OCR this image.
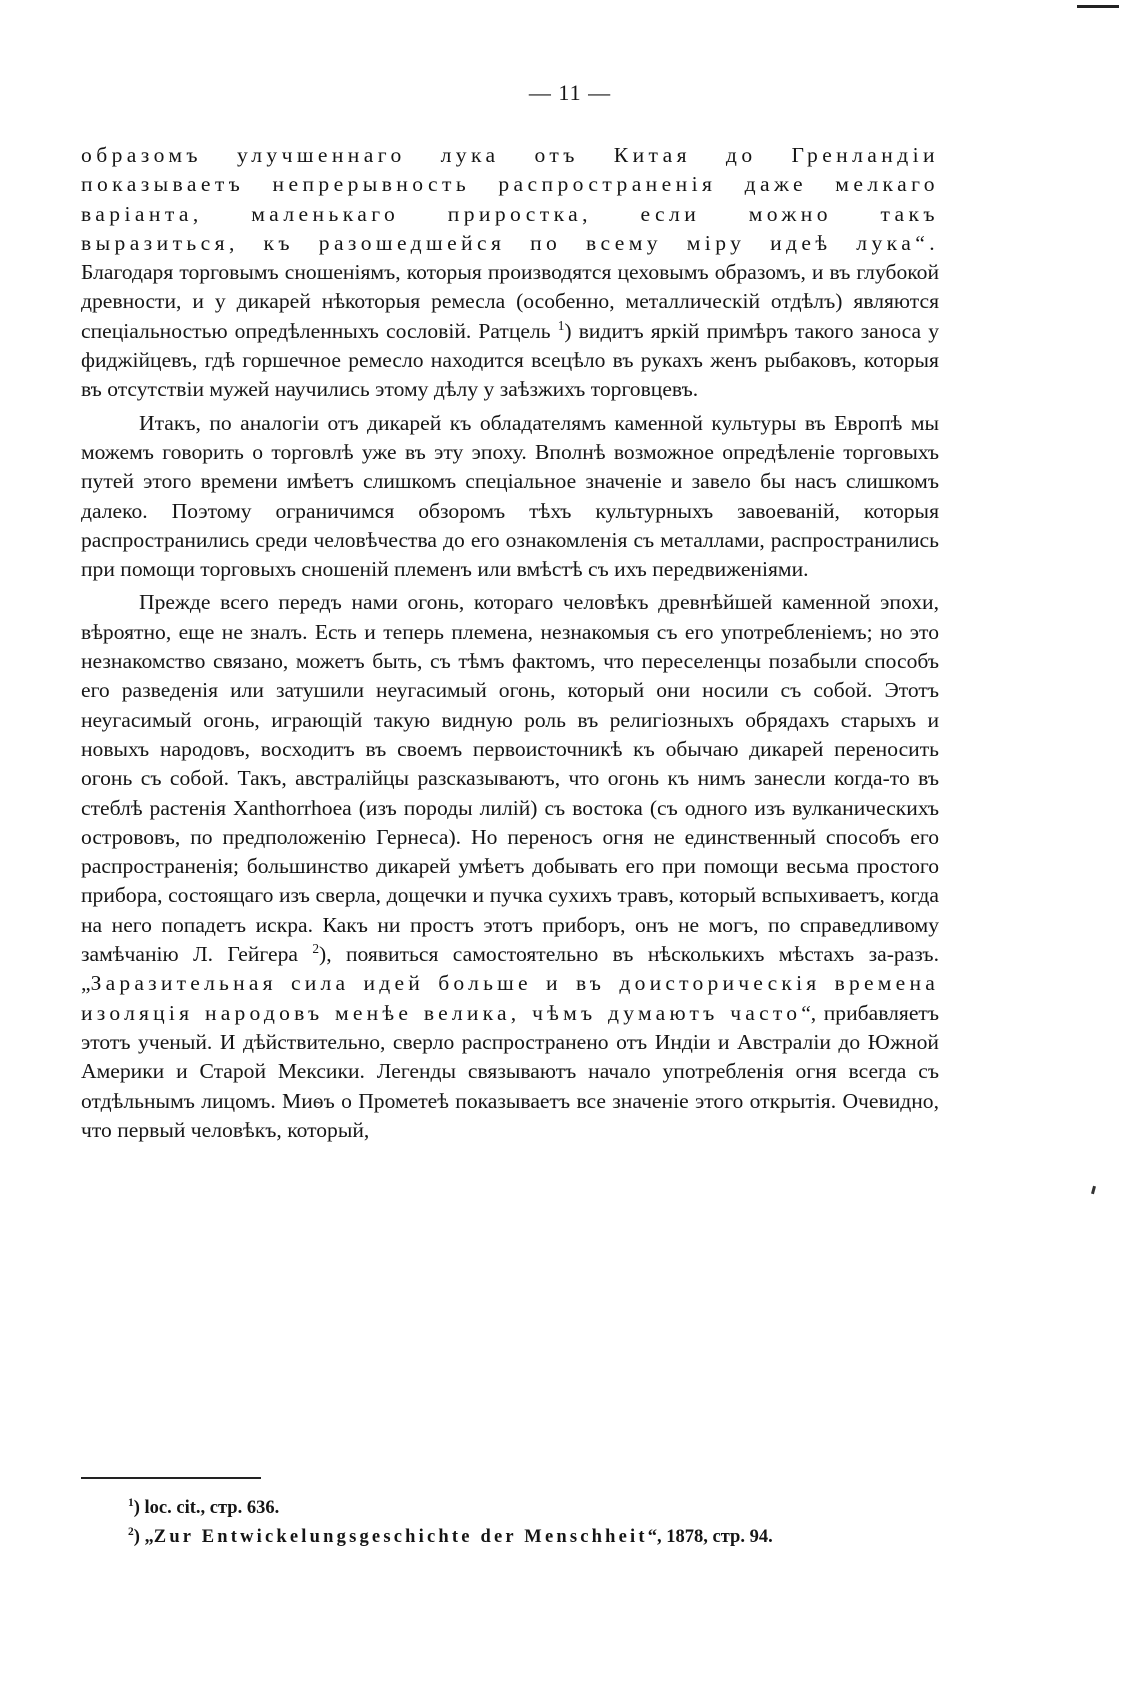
— 11 —

образомъ улучшеннаго лука отъ Китая до Гренландіи показываетъ непрерывность распространенія даже мелкаго варіанта, маленькаго приростка, если можно такъ выразиться, къ разошедшейся по всему міру идеѣ лука“. Благодаря торговымъ сношеніямъ, которыя производятся цеховымъ образомъ, и въ глубокой древности, и у дикарей нѣкоторыя ремесла (особенно, металлическій отдѣлъ) являются спеціальностью опредѣленныхъ сословій. Ратцель $^1$) видитъ яркій примѣръ такого заноса у фиджійцевъ, гдѣ горшечное ремесло находится всецѣло въ рукахъ женъ рыбаковъ, которыя въ отсутствіи мужей научились этому дѣлу у заѣзжихъ торговцевъ.

Итакъ, по аналогіи отъ дикарей къ обладателямъ каменной культуры въ Европѣ мы можемъ говорить о торговлѣ уже въ эту эпоху. Вполнѣ возможное опредѣленіе торговыхъ путей этого времени имѣетъ слишкомъ спеціальное значеніе и завело бы насъ слишкомъ далеко. Поэтому ограничимся обзоромъ тѣхъ культурныхъ завоеваній, которыя распространились среди человѣчества до его ознакомленія съ металлами, распространились при помощи торговыхъ сношеній племенъ или вмѣстѣ съ ихъ передвиженіями.

Прежде всего передъ нами огонь, котораго человѣкъ древнѣйшей каменной эпохи, вѣроятно, еще не зналъ. Есть и теперь племена, незнакомыя съ его употребленіемъ; но это незнакомство связано, можетъ быть, съ тѣмъ фактомъ, что переселенцы позабыли способъ его разведенія или затушили неугасимый огонь, который они носили съ собой. Этотъ неугасимый огонь, играющій такую видную роль въ религіозныхъ обрядахъ старыхъ и новыхъ народовъ, восходитъ въ своемъ первоисточникѣ къ обычаю дикарей переносить огонь съ собой. Такъ, австралійцы разсказываютъ, что огонь къ нимъ занесли когда-то въ стеблѣ растенія Xanthorrhoea (изъ породы лилій) съ востока (съ одного изъ вулканическихъ острововъ, по предположенію Гернеса). Но переносъ огня не единственный способъ его распространенія; большинство дикарей умѣетъ добывать его при помощи весьма простого прибора, состоящаго изъ сверла, дощечки и пучка сухихъ травъ, который вспыхиваетъ, когда на него попадетъ искра. Какъ ни простъ этотъ приборъ, онъ не могъ, по справедливому замѣчанію Л. Гейгера $^2$), появиться самостоятельно въ нѣсколькихъ мѣстахъ за-разъ. „Заразительная сила идей больше и въ доисторическія времена изоляція народовъ менѣе велика, чѣмъ думаютъ часто“, прибавляетъ этотъ ученый. И дѣйствительно, сверло распространено отъ Индіи и Австраліи до Южной Америки и Старой Мексики. Легенды связываютъ начало употребленія огня всегда съ отдѣльнымъ лицомъ. Миѳъ о Прометеѣ показываетъ все значеніе этого открытія. Очевидно, что первый человѣкъ, который,

$^1$) loc. cit., стр. 636.
$^2$) „Zur Entwickelungsgeschichte der Menschheit“, 1878, стр. 94.
